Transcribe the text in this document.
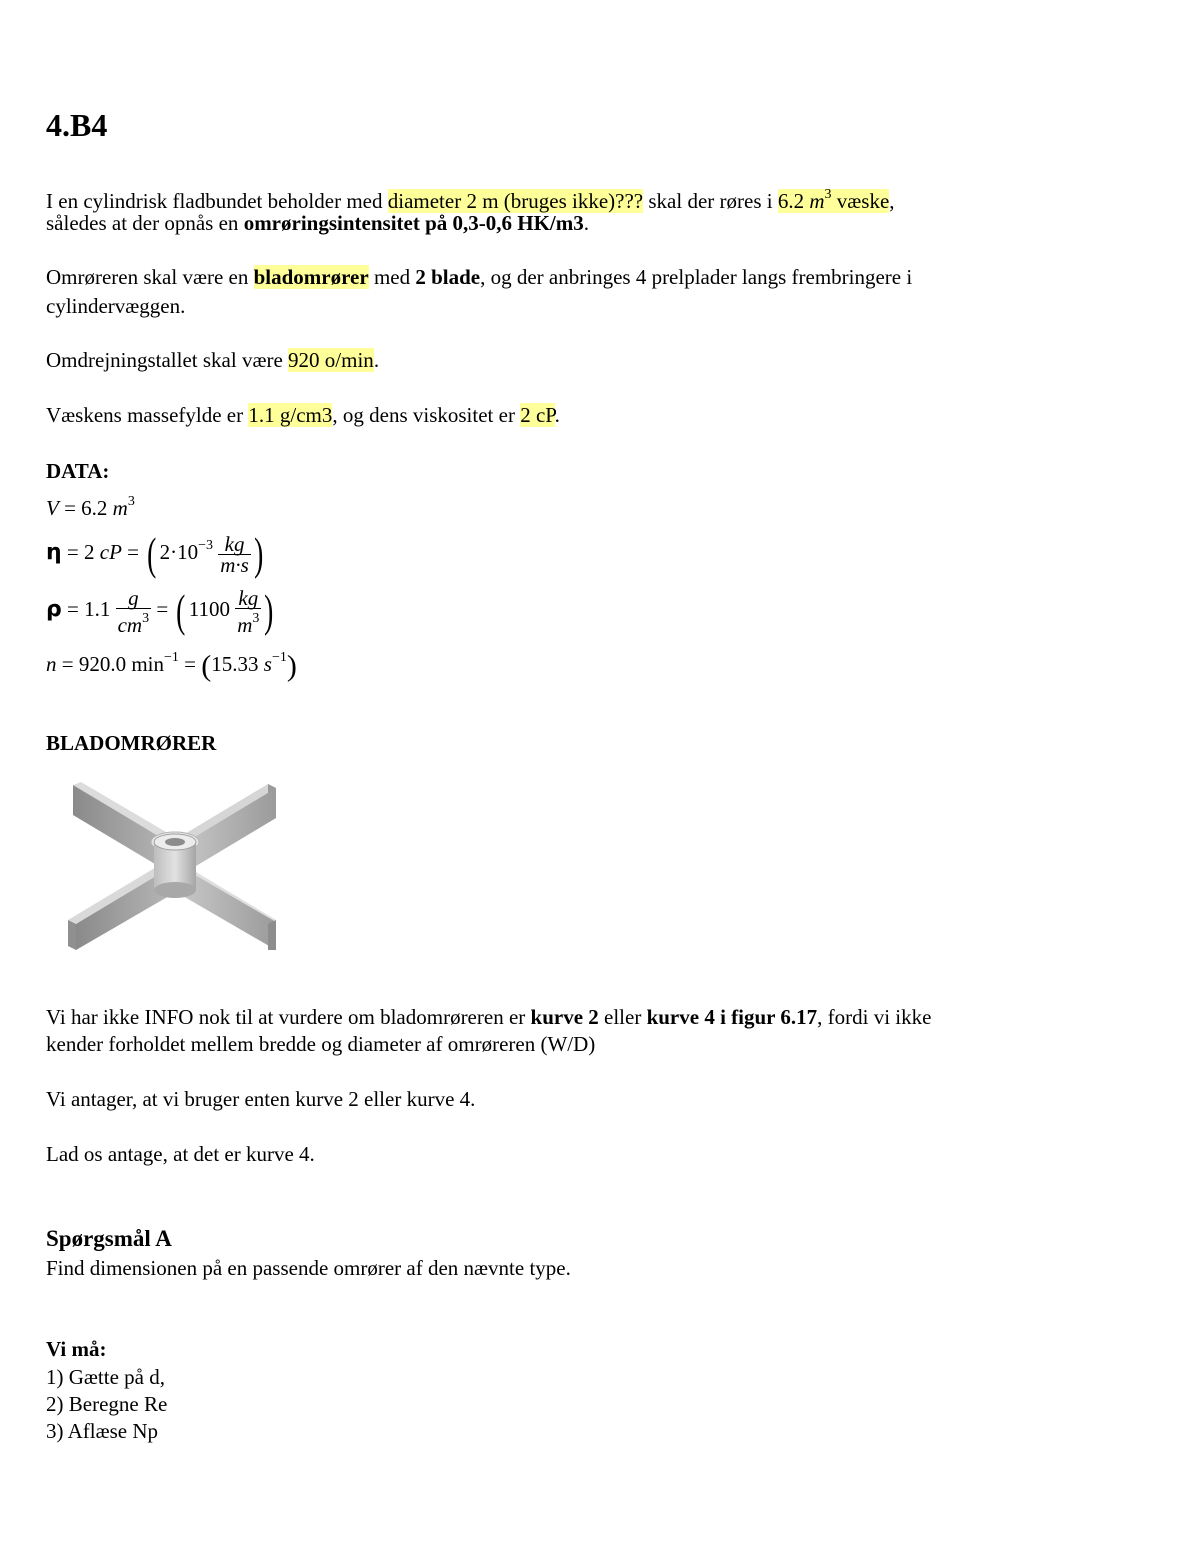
4.B4
I en cylindrisk fladbundet beholder med diameter 2 m (bruges ikke)??? skal der røres i 6.2 $m^3$ væske,
således at der opnås en omrøringsintensitet på 0,3-0,6 HK/m3.
Omrøreren skal være en bladomrører med 2 blade, og der anbringes 4 prelplader langs frembringere i
cylindervæggen.
Omdrejningstallet skal være 920 o/min.
Væskens massefylde er 1.1 g/cm3, og dens viskositet er 2 cP.
DATA:
V = 6.2 $m^3$
η = 2 cP = ( $2\cdot 10^{-3} \frac{kg}{m\cdot s}$ )
$\rho = 1.1 \frac{g}{cm^3}$ = ( $1100 \frac{kg}{m^3}$ )
n = 920.0 $\min^{-1} = (15.33$ $s^{-1}$)
BLADOMRØRER
Vi har ikke INFO nok til at vurdere om bladomrøreren er kurve 2 eller kurve 4 i figur 6.17, fordi vi ikke
kender forholdet mellem bredde og diameter af omrøreren (W/D)
Vi antager, at vi bruger enten kurve 2 eller kurve 4.
Lad os antage, at det er kurve 4.
Spørgsmål A
Find dimensionen på en passende omrører af den nævnte type.
Vi må:
1) Gætte på d,
2) Beregne Re
3) Aflæse Np
